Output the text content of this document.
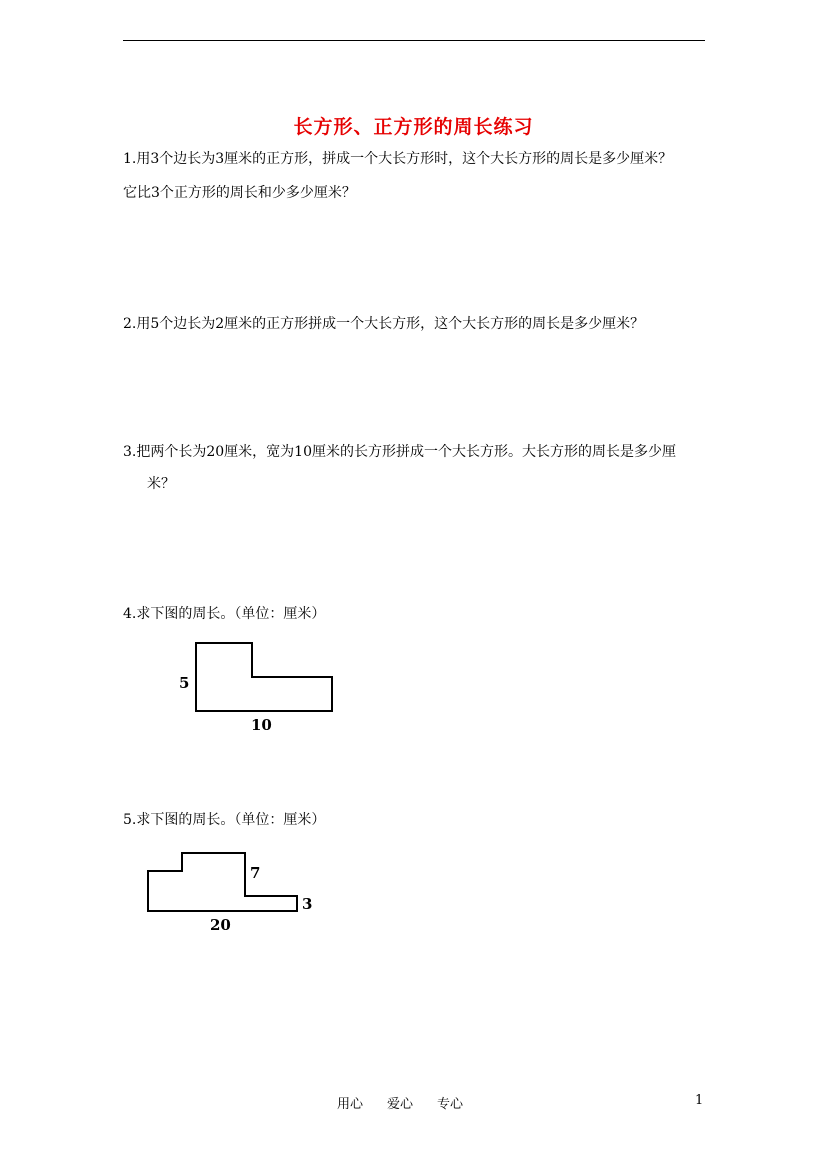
长方形、正方形的周长练习
1.用3个边长为3厘米的正方形，拼成一个大长方形时，这个大长方形的周长是多少厘米？
它比3个正方形的周长和少多少厘米？
2.用5个边长为2厘米的正方形拼成一个大长方形，这个大长方形的周长是多少厘米？
3.把两个长为20厘米，宽为10厘米的长方形拼成一个大长方形。大长方形的周长是多少厘
米？
4.求下图的周长。（单位：厘米）
5
10
5.求下图的周长。（单位：厘米）
7
3
20
用心 爱心 专心	1
